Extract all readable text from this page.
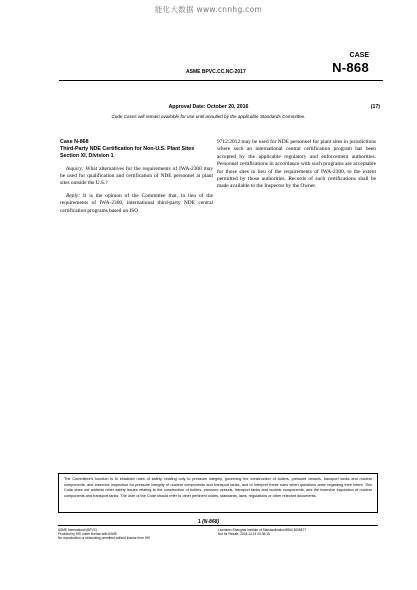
能化大数据 www.cnnhg.com
CASE
N-868
ASME BPVC.CC.NC-2017
Approval Date: October 20, 2016	(17)
Code Cases will remain available for use until annulled by the applicable Standards Committee.
Case N-868
Third-Party NDE Certification for Non-U.S. Plant Sites
Section XI, Division 1
Inquiry: What alternatives for the requirements of IWA-2300 may be used for qualification and certification of NDE personnel at plant sites outside the U.S.?
Reply: It is the opinion of the Committee that, in lieu of the requirements of IWA-2300, international third-party NDE central certification programs based on ISO
9712:2012 may be used for NDE personnel for plant sites in jurisdictions where such an international central certification program has been accepted by the applicable regulatory and enforcement authorities. Personnel certifications in accordance with such programs are acceptable for those sites in lieu of the requirements of IWA-2300, to the extent permitted by those authorities. Records of such certifications shall be made available to the Inspector by the Owner.
The Committee's function is to establish rules of safety, relating only to pressure integrity, governing the construction of boilers, pressure vessels, transport tanks and nuclear components, and inservice inspection for pressure integrity of nuclear components and transport tanks, and to interpret these rules when questions arise regarding their intent. This Code does not address other safety issues relating to the construction of boilers, pressure vessels, transport tanks and nuclear components, and the inservice inspection of nuclear components and transport tanks. The user of the Code should refer to other pertinent codes, standards, laws, regulations or other relevant documents.
1 (N-868)
ASME International (BPVC)
Provided by IHS under license with ASME
No reproduction or networking permitted without license from IHS
Licensee=Shanghai Institute of Standardization/5964 5009877
Not for Resale, 2018-12-14 00:38:15
